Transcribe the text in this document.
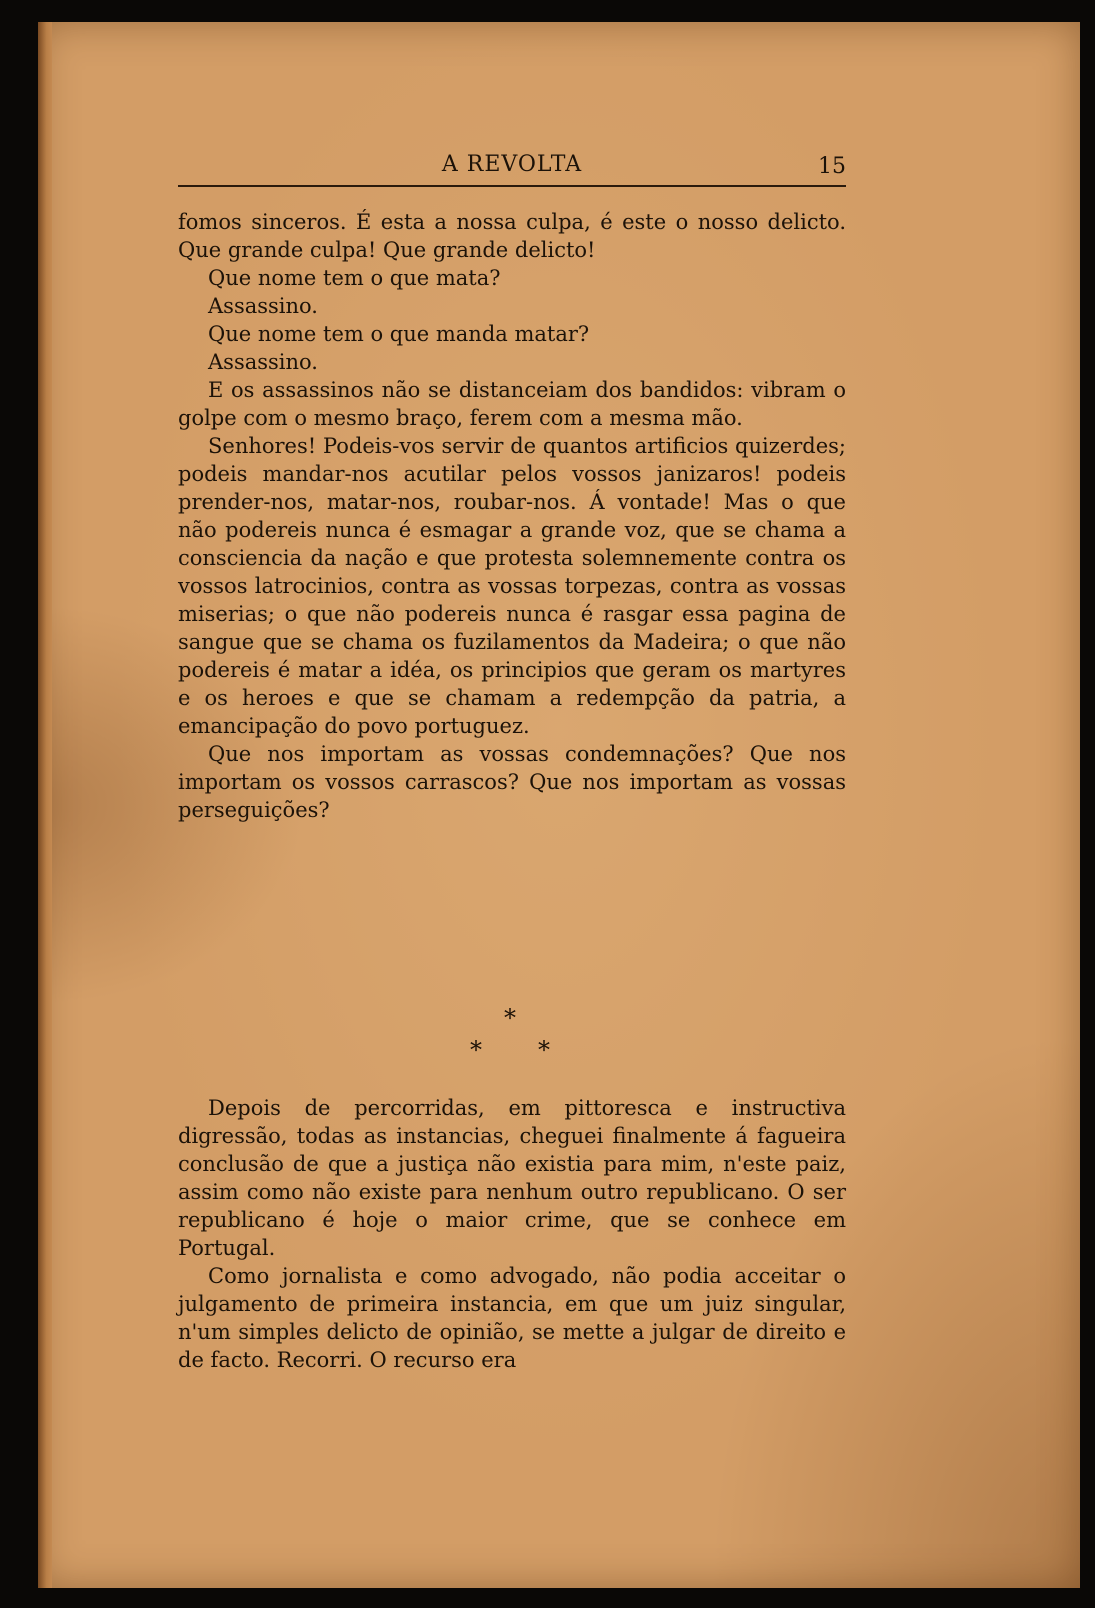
A REVOLTA	15

fomos sinceros. É esta a nossa culpa, é este o nosso delicto. Que grande culpa! Que grande delicto!

Que nome tem o que mata?

Assassino.

Que nome tem o que manda matar?

Assassino.

E os assassinos não se distanceiam dos bandidos: vibram o golpe com o mesmo braço, ferem com a mesma mão.

Senhores! Podeis-vos servir de quantos artificios quizerdes; podeis mandar-nos acutilar pelos vossos janizaros! podeis prender-nos, matar-nos, roubar-nos. Á vontade! Mas o que não podereis nunca é esmagar a grande voz, que se chama a consciencia da nação e que protesta solemnemente contra os vossos latrocinios, contra as vossas torpezas, contra as vossas miserias; o que não podereis nunca é rasgar essa pagina de sangue que se chama os fuzilamentos da Madeira; o que não podereis é matar a idéa, os principios que geram os martyres e os heroes e que se chamam a redempção da patria, a emancipação do povo portuguez.

Que nos importam as vossas condemnações? Que nos importam os vossos carrascos? Que nos importam as vossas perseguições?

*
* *

Depois de percorridas, em pittoresca e instructiva digressão, todas as instancias, cheguei finalmente á fagueira conclusão de que a justiça não existia para mim, n'este paiz, assim como não existe para nenhum outro republicano. O ser republicano é hoje o maior crime, que se conhece em Portugal.

Como jornalista e como advogado, não podia acceitar o julgamento de primeira instancia, em que um juiz singular, n'um simples delicto de opinião, se mette a julgar de direito e de facto. Recorri. O recurso era
